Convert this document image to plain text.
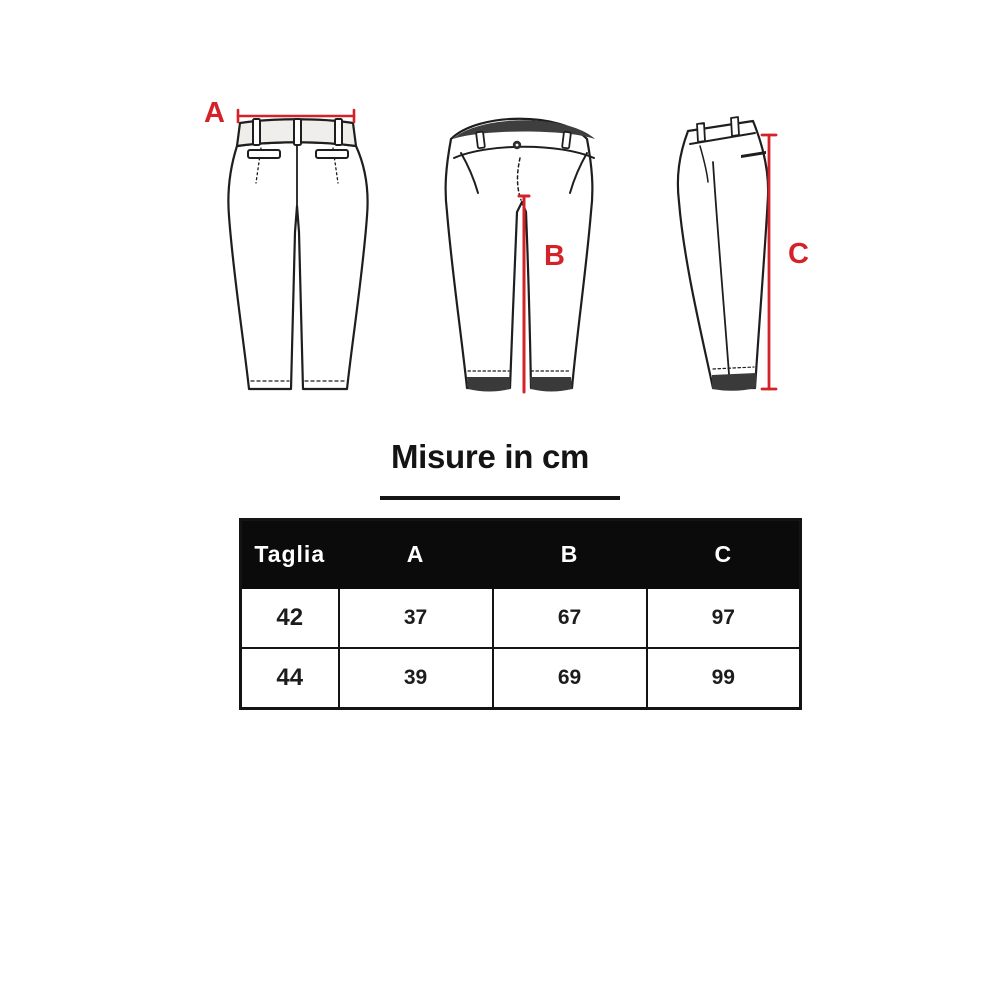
A
B	C
Misure in cm
Taglia	A	B	C
42	37	67	97
44	39	69	99
